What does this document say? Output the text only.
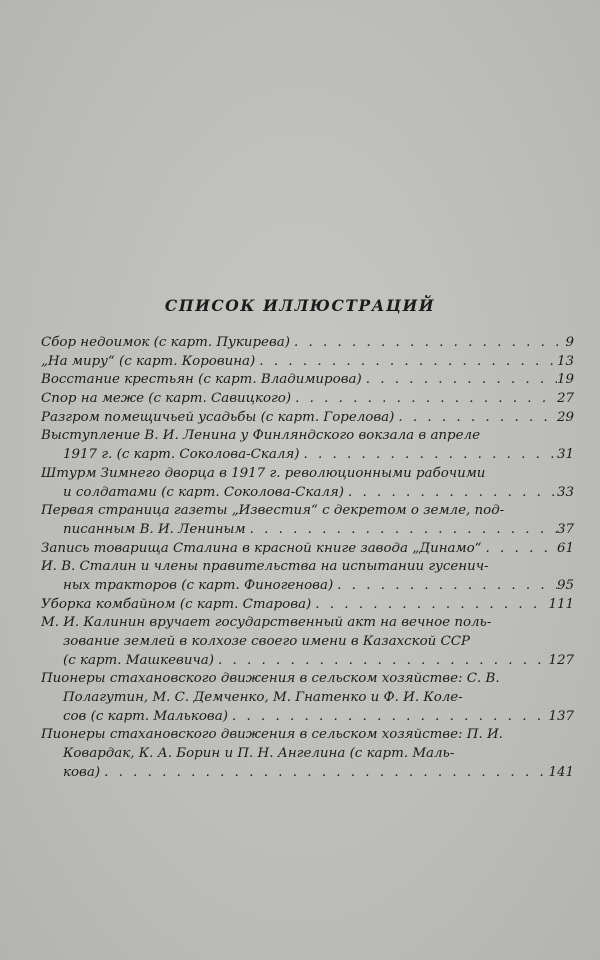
СПИСОК ИЛЛЮСТРАЦИЙ
Сбор недоимок (с карт. Пукирева) . . .	9
„На миру“ (с карт. Коровина) . . .	13
Восстание крестьян (с карт. Владимирова) . . .	19
Спор на меже (с карт. Савицкого) . . .	27
Разгром помещичьей усадьбы (с карт. Горелова) . . .	29
Выступление В. И. Ленина у Финляндского вокзала в апреле
1917 г. (с карт. Соколова-Скаля) . . .	31
Штурм Зимнего дворца в 1917 г. революционными рабочими
и солдатами (с карт. Соколова-Скаля) . . .	33
Первая страница газеты „Известия“ с декретом о земле, под-
писанным В. И. Лениным . . .	37
Запись товарища Сталина в красной книге завода „Динамо“ . . .	61
И. В. Сталин и члены правительства на испытании гусенич-
ных тракторов (с карт. Финогенова) . . .	95
Уборка комбайном (с карт. Старова) . . .	111
М. И. Калинин вручает государственный акт на вечное поль-
зование землей в колхозе своего имени в Казахской ССР
(с карт. Машкевича) . . .	127
Пионеры стахановского движения в сельском хозяйстве: С. В.
Полагутин, М. С. Демченко, М. Гнатенко и Ф. И. Коле-
сов (с карт. Малькова) . . .	137
Пионеры стахановского движения в сельском хозяйстве: П. И.
Ковардак, К. А. Борин и П. Н. Ангелина (с карт. Маль-
кова) . . .	141
